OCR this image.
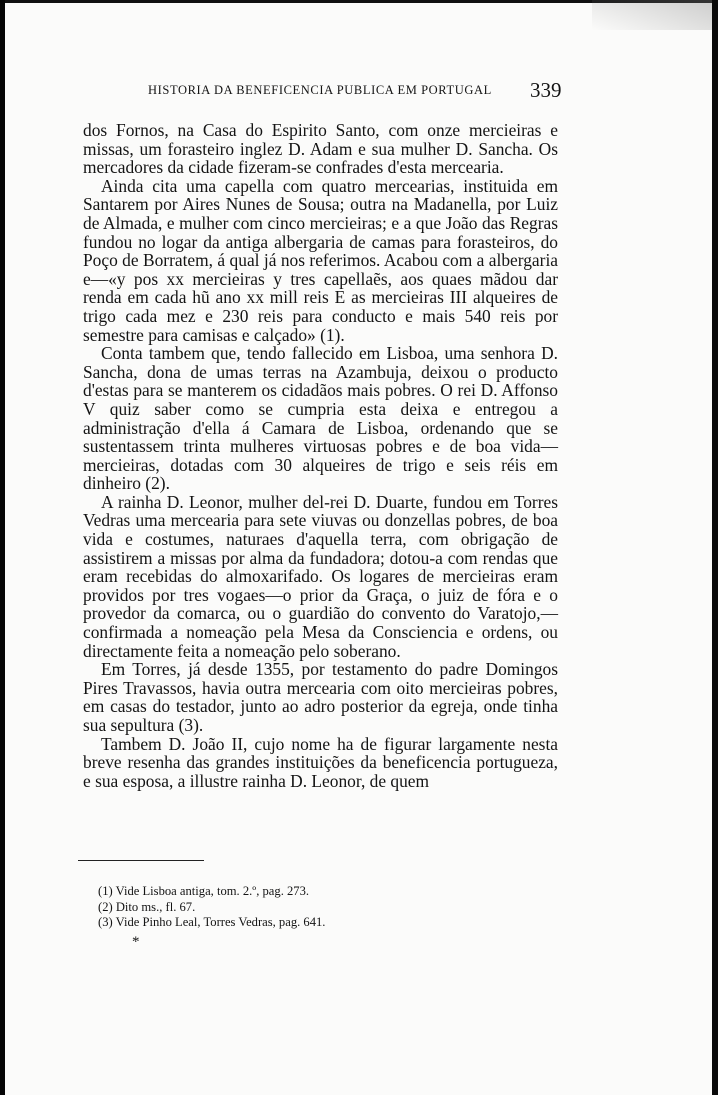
HISTORIA DA BENEFICENCIA PUBLICA EM PORTUGAL 339

dos Fornos, na Casa do Espirito Santo, com onze mercieiras e missas, um forasteiro inglez D. Adam e sua mulher D. Sancha. Os mercadores da cidade fizeram-se confrades d'esta mercearia.

Ainda cita uma capella com quatro mercearias, instituida em Santarem por Aires Nunes de Sousa; outra na Madanella, por Luiz de Almada, e mulher com cinco mercieiras; e a que João das Regras fundou no logar da antiga albergaria de camas para forasteiros, do Poço de Borratem, á qual já nos referimos. Acabou com a albergaria e—«y pos xx mercieiras y tres capellaẽs, aos quaes mãdou dar renda em cada hũ ano xx mill reis E as mercieiras III alqueires de trigo cada mez e 230 reis para conducto e mais 540 reis por semestre para camisas e calçado» (1).

Conta tambem que, tendo fallecido em Lisboa, uma senhora D. Sancha, dona de umas terras na Azambuja, deixou o producto d'estas para se manterem os cidadãos mais pobres. O rei D. Affonso V quiz saber como se cumpria esta deixa e entregou a administração d'ella á Camara de Lisboa, ordenando que se sustentassem trinta mulheres virtuosas pobres e de boa vida—mercieiras, dotadas com 30 alqueires de trigo e seis réis em dinheiro (2).

A rainha D. Leonor, mulher del-rei D. Duarte, fundou em Torres Vedras uma mercearia para sete viuvas ou donzellas pobres, de boa vida e costumes, naturaes d'aquella terra, com obrigação de assistirem a missas por alma da fundadora; dotou-a com rendas que eram recebidas do almoxarifado. Os logares de mercieiras eram providos por tres vogaes—o prior da Graça, o juiz de fóra e o provedor da comarca, ou o guardião do convento do Varatojo,—confirmada a nomeação pela Mesa da Consciencia e ordens, ou directamente feita a nomeação pelo soberano.

Em Torres, já desde 1355, por testamento do padre Domingos Pires Travassos, havia outra mercearia com oito mercieiras pobres, em casas do testador, junto ao adro posterior da egreja, onde tinha sua sepultura (3).

Tambem D. João II, cujo nome ha de figurar largamente nesta breve resenha das grandes instituições da beneficencia portugueza, e sua esposa, a illustre rainha D. Leonor, de quem

(1) Vide Lisboa antiga, tom. 2.º, pag. 273.

(2) Dito ms., fl. 67.

(3) Vide Pinho Leal, Torres Vedras, pag. 641.

*
